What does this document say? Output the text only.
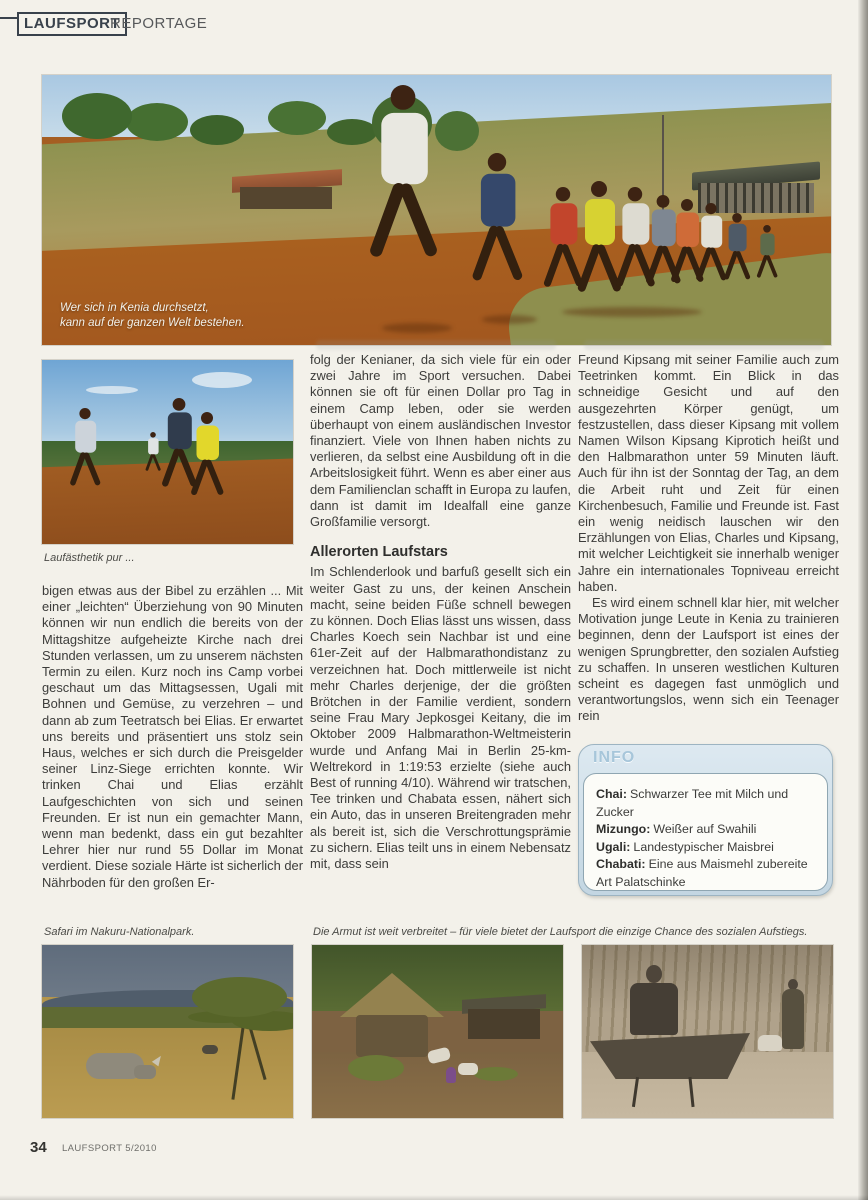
LAUFSPORT
REPORTAGE
Wer sich in Kenia durchsetzt,
kann auf der ganzen Welt bestehen.
Laufästhetik pur ...

bigen etwas aus der Bibel zu erzählen ... Mit einer „leichten“ Überziehung von 90 Minuten können wir nun endlich die bereits von der Mittagshitze aufgeheizte Kirche nach drei Stunden verlassen, um zu unserem nächsten Termin zu eilen. Kurz noch ins Camp vorbei geschaut um das Mittagsessen, Ugali mit Bohnen und Gemüse, zu verzehren – und dann ab zum Teetratsch bei Elias. Er erwartet uns bereits und präsentiert uns stolz sein Haus, welches er sich durch die Preisgelder seiner Linz-Siege errichten konnte. Wir trinken Chai und Elias erzählt Laufgeschichten von sich und seinen Freunden. Er ist nun ein gemachter Mann, wenn man bedenkt, dass ein gut bezahlter Lehrer hier nur rund 55 Dollar im Monat verdient. Diese soziale Härte ist sicherlich der Nährboden für den großen Er-

folg der Kenianer, da sich viele für ein oder zwei Jahre im Sport versuchen. Dabei können sie oft für einen Dollar pro Tag in einem Camp leben, oder sie werden überhaupt von einem ausländischen Investor finanziert. Viele von Ihnen haben nichts zu verlieren, da selbst eine Ausbildung oft in die Arbeitslosigkeit führt. Wenn es aber einer aus dem Familienclan schafft in Europa zu laufen, dann ist damit im Idealfall eine ganze Großfamilie versorgt.

Allerorten Laufstars

Im Schlenderlook und barfuß gesellt sich ein weiter Gast zu uns, der keinen Anschein macht, seine beiden Füße schnell bewegen zu können. Doch Elias lässt uns wissen, dass Charles Koech sein Nachbar ist und eine 61er-Zeit auf der Halbmarathondistanz zu verzeichnen hat. Doch mittlerweile ist nicht mehr Charles derjenige, der die größten Brötchen in der Familie verdient, sondern seine Frau Mary Jepkosgei Keitany, die im Oktober 2009 Halbmarathon-Weltmeisterin wurde und Anfang Mai in Berlin 25-km-Weltrekord in 1:19:53 erzielte (siehe auch Best of running 4/10). Während wir tratschen, Tee trinken und Chabata essen, nähert sich ein Auto, das in unseren Breitengraden mehr als bereit ist, sich die Verschrottungsprämie zu sichern. Elias teilt uns in einem Nebensatz mit, dass sein

Freund Kipsang mit seiner Familie auch zum Teetrinken kommt. Ein Blick in das schneidige Gesicht und auf den ausgezehrten Körper genügt, um festzustellen, dass dieser Kipsang mit vollem Namen Wilson Kipsang Kiprotich heißt und den Halbmarathon unter 59 Minuten läuft. Auch für ihn ist der Sonntag der Tag, an dem die Arbeit ruht und Zeit für einen Kirchenbesuch, Familie und Freunde ist. Fast ein wenig neidisch lauschen wir den Erzählungen von Elias, Charles und Kipsang, mit welcher Leichtigkeit sie innerhalb weniger Jahre ein internationales Topniveau erreicht haben.

Es wird einem schnell klar hier, mit welcher Motivation junge Leute in Kenia zu trainieren beginnen, denn der Laufsport ist eines der wenigen Sprungbretter, den sozialen Aufstieg zu schaffen. In unseren westlichen Kulturen scheint es dagegen fast unmöglich und verantwortungslos, wenn sich ein Teenager rein

INFO
Chai: Schwarzer Tee mit Milch und Zucker
Mizungo: Weißer auf Swahili
Ugali: Landestypischer Maisbrei
Chabati: Eine aus Maismehl zubereite Art Palatschinke
Safari im Nakuru-Nationalpark.	Die Armut ist weit verbreitet – für viele bietet der Laufsport die einzige Chance des sozialen Aufstiegs.
34 LAUFSPORT 5/2010
